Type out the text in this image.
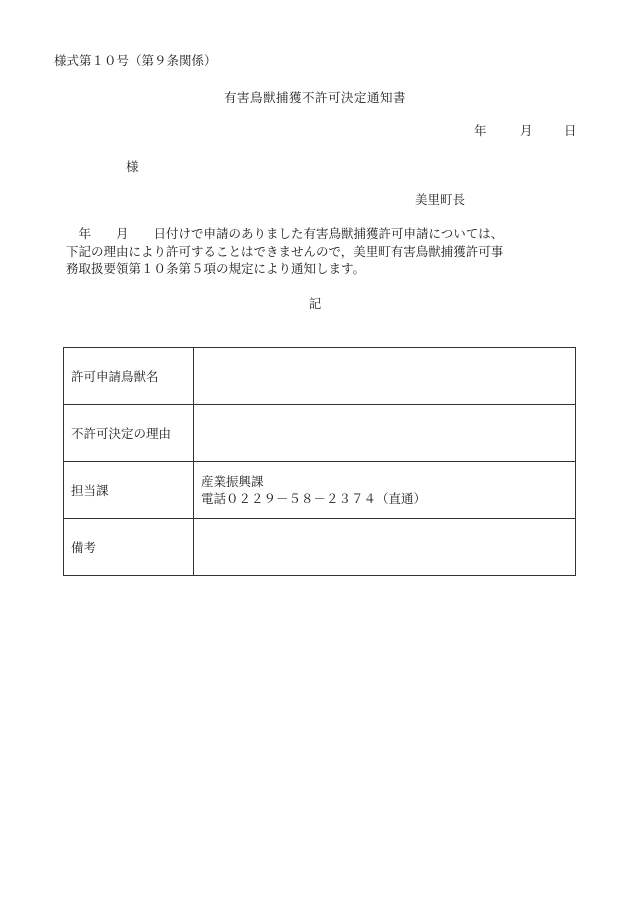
様式第１０号（第９条関係）
有害鳥獣捕獲不許可決定通知書
年	月	日
様
美里町長
　年　　月　　日付けで申請のありました有害鳥獣捕獲許可申請については、
下記の理由により許可することはできませんので，美里町有害鳥獣捕獲許可事
務取扱要領第１０条第５項の規定により通知します。
記
許可申請鳥獣名	
不許可決定の理由	
担当課	産業振興課
電話０２２９－５８－２３７４（直通）

備考	
